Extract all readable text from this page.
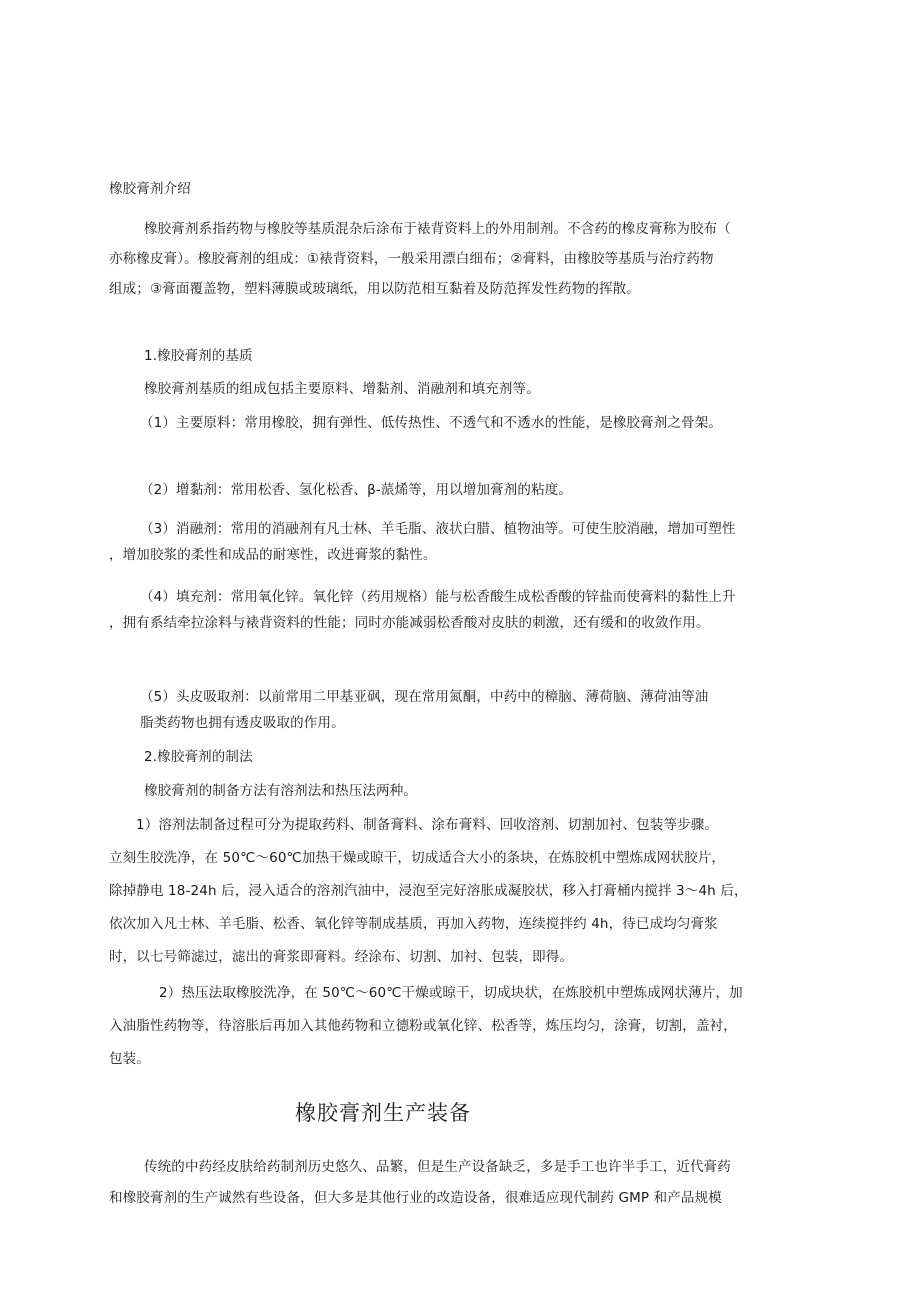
橡胶膏剂介绍
橡胶膏剂系指药物与橡胶等基质混杂后涂布于裱背资料上的外用制剂。不含药的橡皮膏称为胶布（
亦称橡皮膏）。橡胶膏剂的组成：①裱背资料，一般采用漂白细布；②膏料，由橡胶等基质与治疗药物
组成；③膏面覆盖物，塑料薄膜或玻璃纸，用以防范相互黏着及防范挥发性药物的挥散。
1.橡胶膏剂的基质
橡胶膏剂基质的组成包括主要原料、增黏剂、消融剂和填充剂等。
（1）主要原料：常用橡胶，拥有弹性、低传热性、不透气和不透水的性能，是橡胶膏剂之骨架。
（2）增黏剂：常用松香、氢化松香、β-蒎烯等，用以增加膏剂的粘度。
（3）消融剂：常用的消融剂有凡士林、羊毛脂、液状白腊、植物油等。可使生胶消融，增加可塑性
，增加胶浆的柔性和成品的耐寒性，改进膏浆的黏性。
（4）填充剂：常用氧化锌。氧化锌（药用规格）能与松香酸生成松香酸的锌盐而使膏料的黏性上升
，拥有系结牵拉涂料与裱背资料的性能；同时亦能减弱松香酸对皮肤的刺激，还有缓和的收敛作用。
（5）头皮吸取剂：以前常用二甲基亚砜，现在常用氮酮，中药中的樟脑、薄荷脑、薄荷油等油
脂类药物也拥有透皮吸取的作用。
2.橡胶膏剂的制法
橡胶膏剂的制备方法有溶剂法和热压法两种。
1）溶剂法制备过程可分为提取药料、制备膏料、涂布膏料、回收溶剂、切割加衬、包装等步骤。
立刻生胶洗净，在 50℃～60℃加热干燥或晾干，切成适合大小的条块，在炼胶机中塑炼成网状胶片，
除掉静电 18-24h 后，浸入适合的溶剂汽油中，浸泡至完好溶胀成凝胶状，移入打膏桶内搅拌 3～4h 后，
依次加入凡士林、羊毛脂、松香、氧化锌等制成基质，再加入药物，连续搅拌约 4h，待已成均匀膏浆
时，以七号筛滤过，滤出的膏浆即膏料。经涂布、切割、加衬、包装，即得。
2）热压法取橡胶洗净，在 50℃～60℃干燥或晾干，切成块状，在炼胶机中塑炼成网状薄片，加
入油脂性药物等，待溶胀后再加入其他药物和立德粉或氧化锌、松香等，炼压均匀，涂膏，切割，盖衬，
包装。
橡胶膏剂生产装备
传统的中药经皮肤给药制剂历史悠久、品繁，但是生产设备缺乏，多是手工也许半手工，近代膏药
和橡胶膏剂的生产诚然有些设备，但大多是其他行业的改造设备，很难适应现代制药 GMP 和产品规模
